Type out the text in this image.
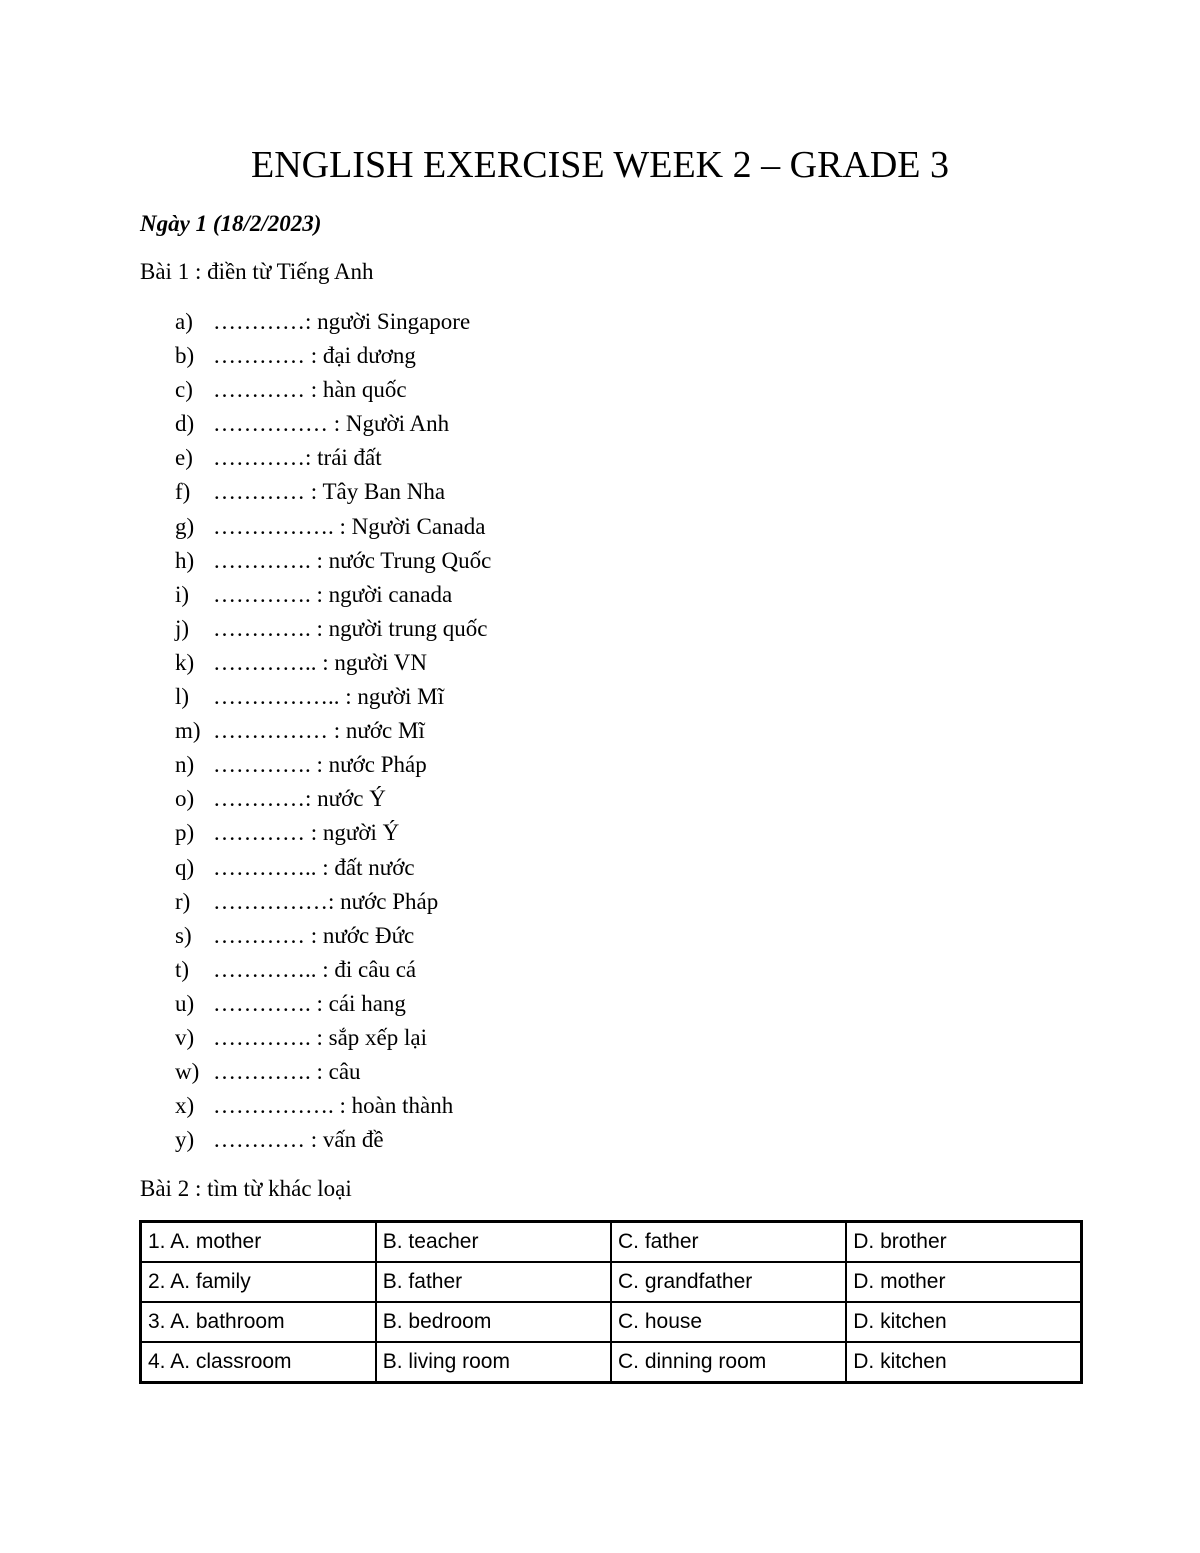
ENGLISH EXERCISE WEEK 2 – GRADE 3
Ngày 1 (18/2/2023)
Bài 1 : điền từ Tiếng Anh
a) …………: người Singapore
b) ………… : đại dương
c) ………… : hàn quốc
d) …………… : Người Anh
e) …………: trái đất
f) ………… : Tây Ban Nha
g) ……………. : Người Canada
h) …………. : nước Trung Quốc
i) …………. : người canada
j) …………. : người trung quốc
k) ………….. : người VN
l) …………….. : người Mĩ
m) …………… : nước Mĩ
n) …………. : nước Pháp
o) …………: nước Ý
p) ………… : người Ý
q) ………….. : đất nước
r) ……………: nước Pháp
s) ………… : nước Đức
t) ………….. : đi câu cá
u) …………. : cái hang
v) …………. : sắp xếp lại
w) …………. : câu
x) ……………. : hoàn thành
y) ………… : vấn đề
Bài 2 : tìm từ khác loại
1. A. mother	B. teacher	C. father	D. brother
2. A. family	B. father	C. grandfather	D. mother
3. A. bathroom	B. bedroom	C. house	D. kitchen
4. A. classroom	B. living room	C. dinning room	D. kitchen
